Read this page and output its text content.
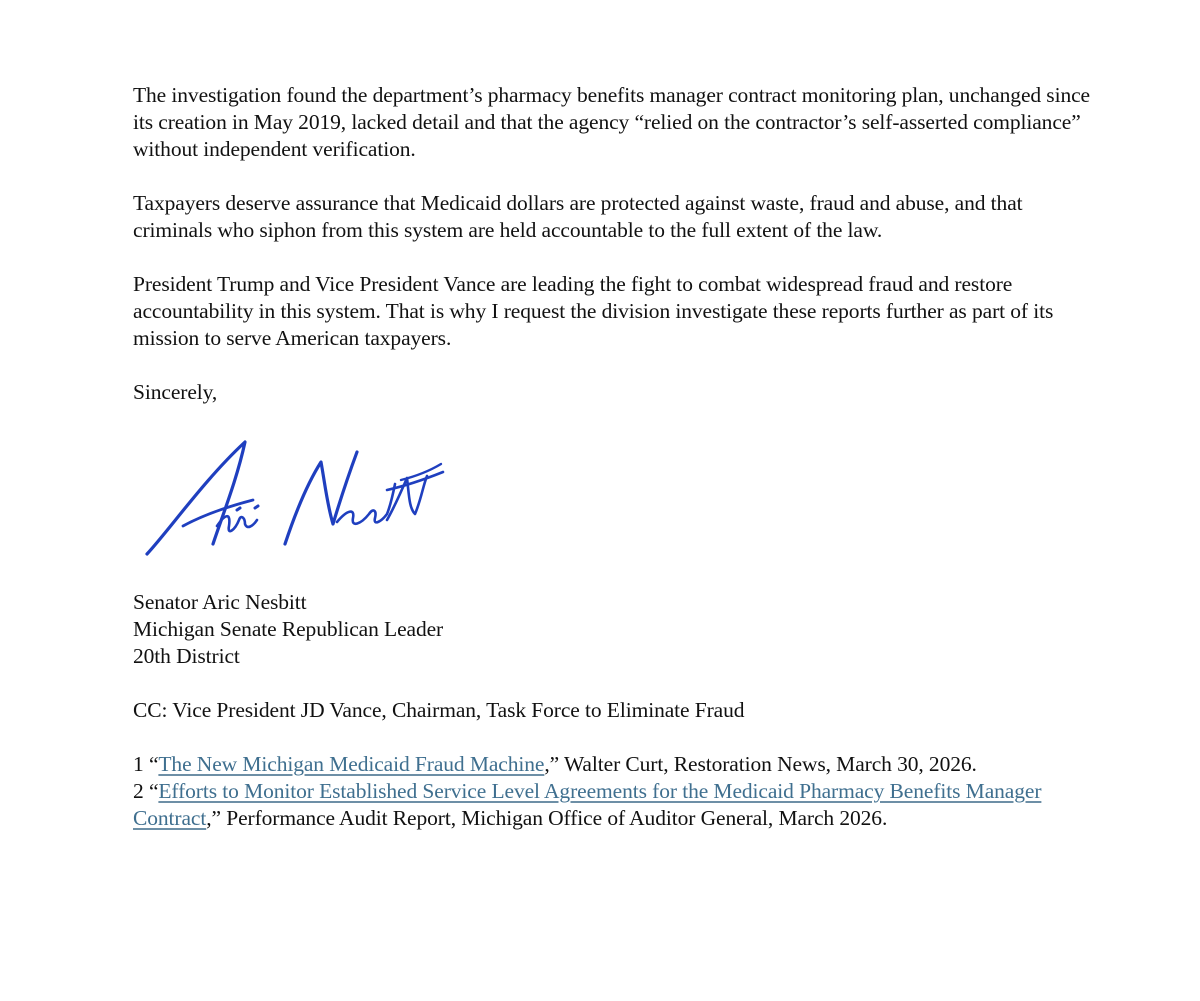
The investigation found the department’s pharmacy benefits manager contract monitoring plan, unchanged since its creation in May 2019, lacked detail and that the agency “relied on the contractor’s self-asserted compliance” without independent verification.

Taxpayers deserve assurance that Medicaid dollars are protected against waste, fraud and abuse, and that criminals who siphon from this system are held accountable to the full extent of the law.

President Trump and Vice President Vance are leading the fight to combat widespread fraud and restore accountability in this system. That is why I request the division investigate these reports further as part of its mission to serve American taxpayers.

Sincerely,

Senator Aric Nesbitt

Michigan Senate Republican Leader

20th District

CC: Vice President JD Vance, Chairman, Task Force to Eliminate Fraud

1 “The New Michigan Medicaid Fraud Machine,” Walter Curt, Restoration News, March 30, 2026.

2 “Efforts to Monitor Established Service Level Agreements for the Medicaid Pharmacy Benefits Manager Contract,” Performance Audit Report, Michigan Office of Auditor General, March 2026.
